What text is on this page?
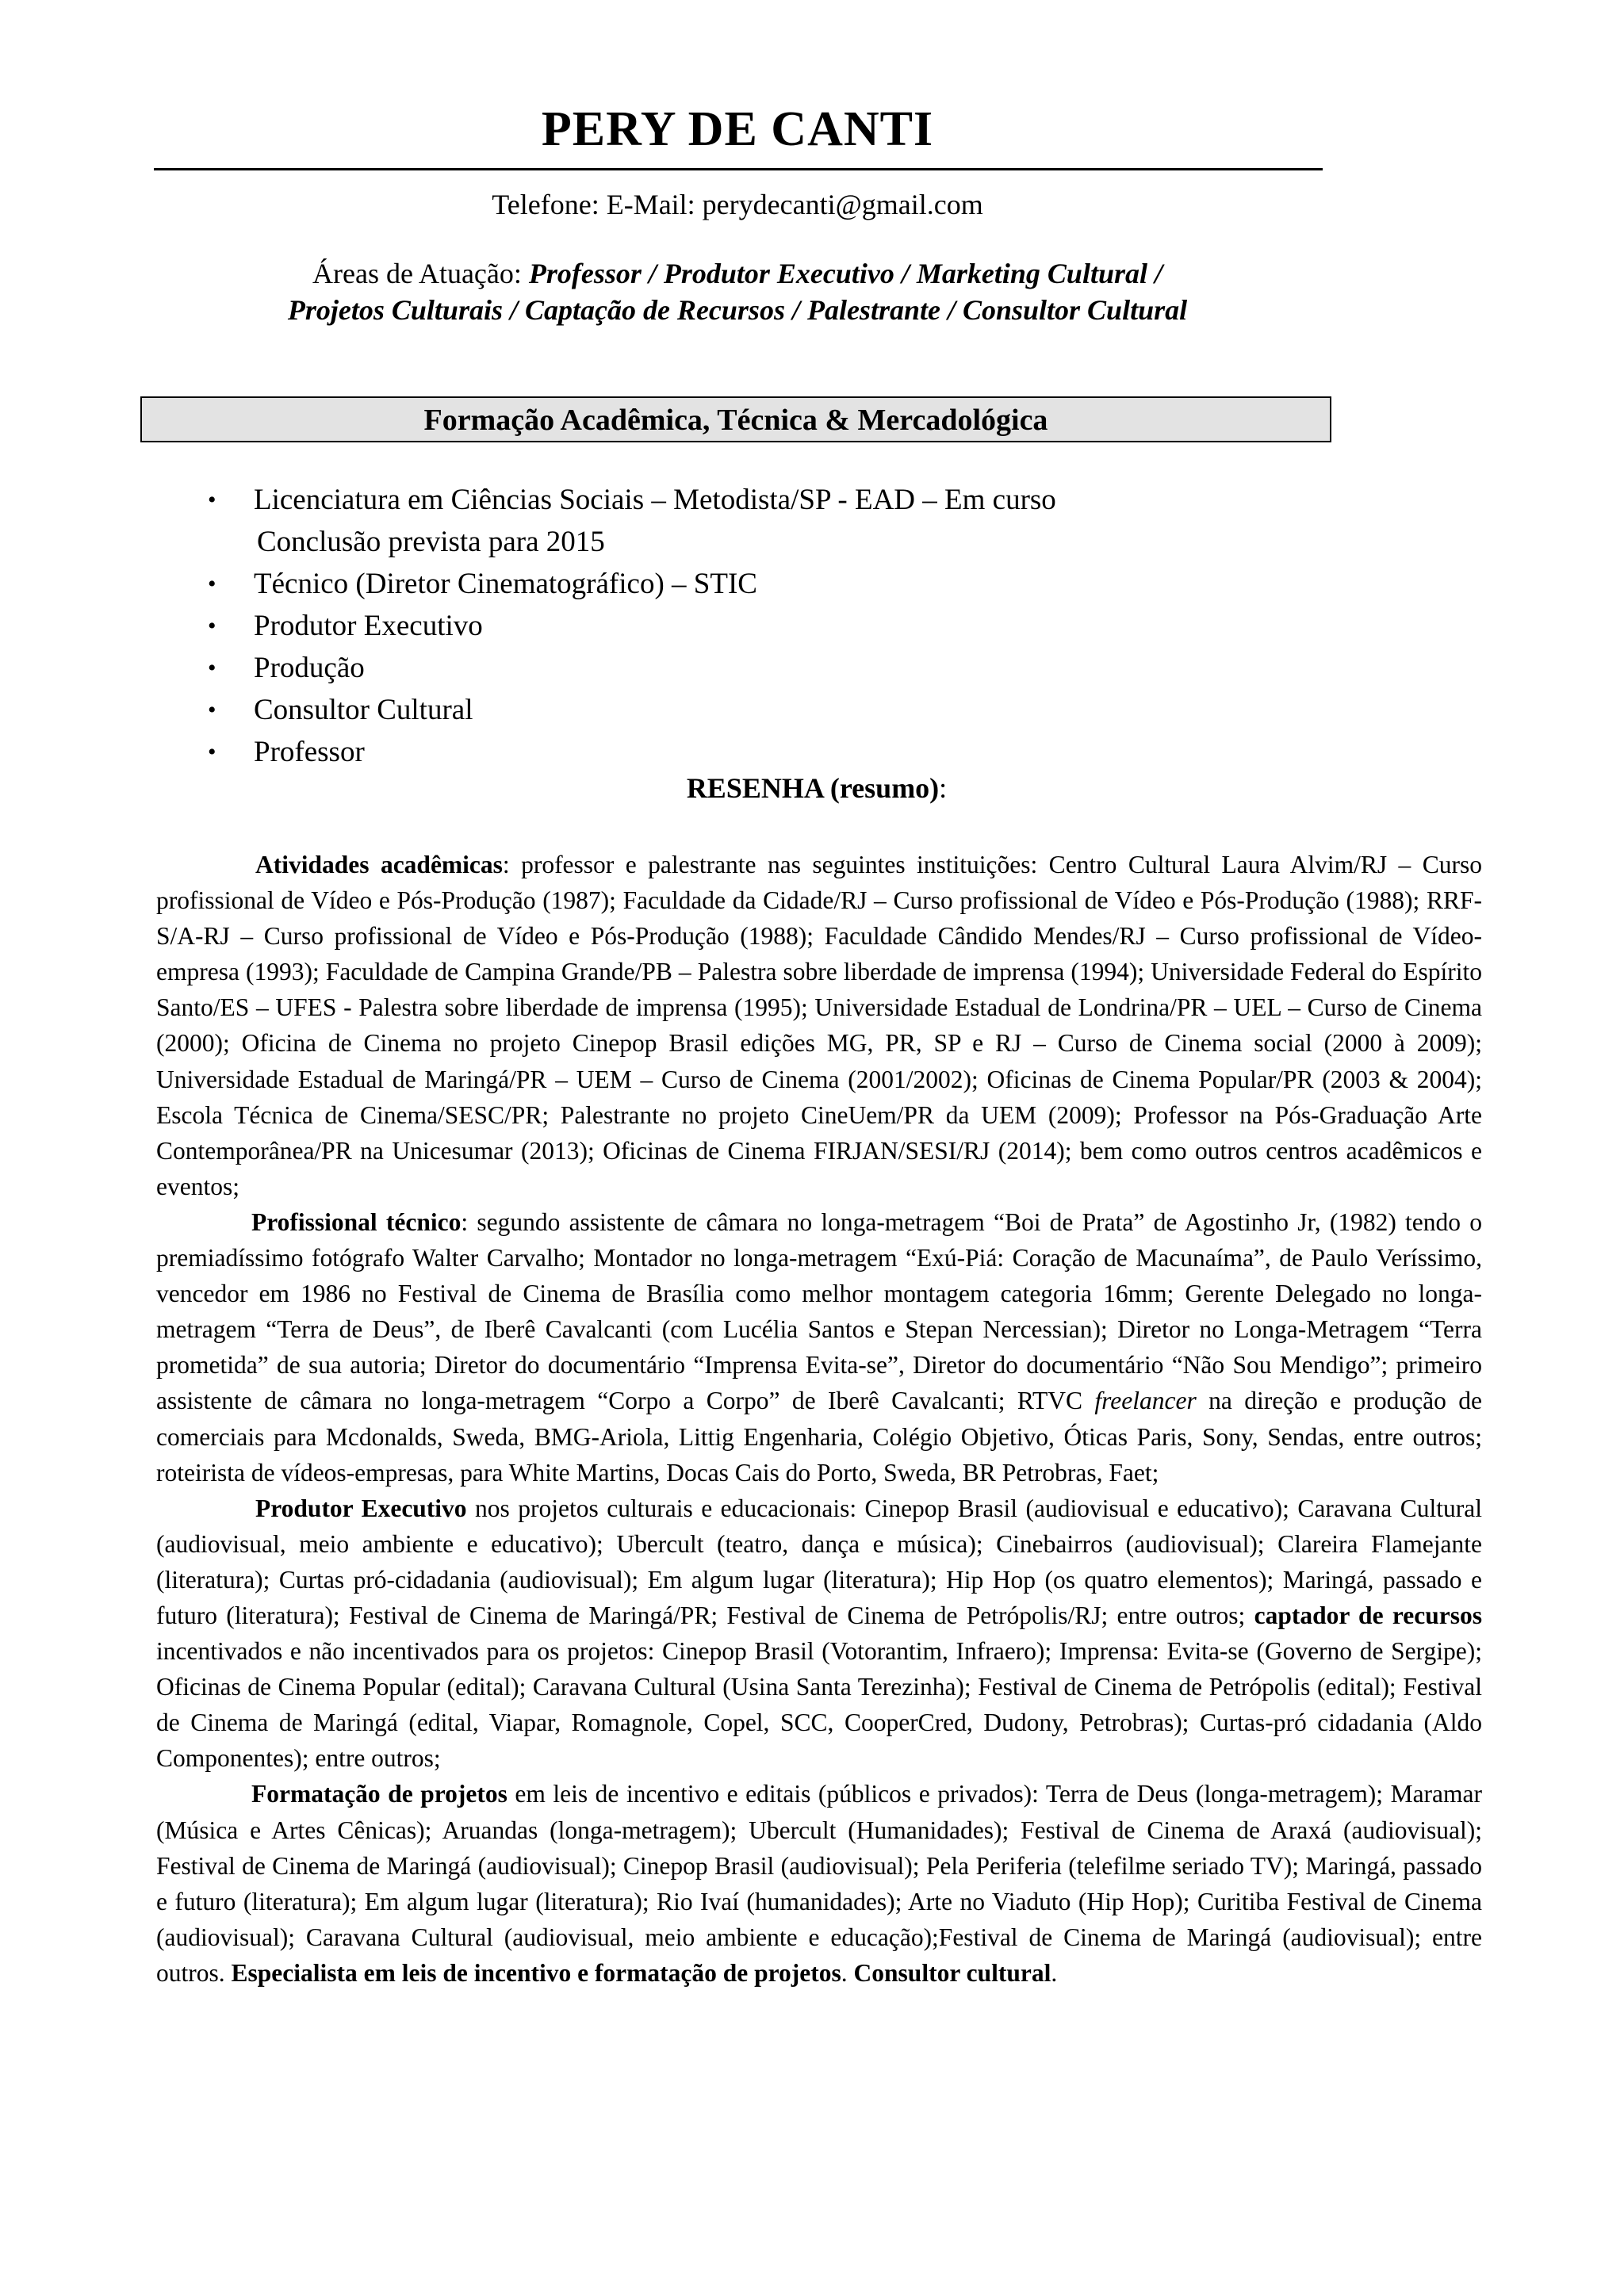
PERY DE CANTI
Telefone: E-Mail: perydecanti@gmail.com
Áreas de Atuação: Professor / Produtor Executivo / Marketing Cultural /
Projetos Culturais / Captação de Recursos / Palestrante / Consultor Cultural
Formação Acadêmica, Técnica & Mercadológica
• Licenciatura em Ciências Sociais – Metodista/SP - EAD – Em curso
Conclusão prevista para 2015
• Técnico (Diretor Cinematográfico) – STIC
• Produtor Executivo
• Produção
• Consultor Cultural
• Professor
RESENHA (resumo):

Atividades acadêmicas: professor e palestrante nas seguintes instituições: Centro Cultural Laura Alvim/RJ – Curso profissional de Vídeo e Pós-Produção (1987); Faculdade da Cidade/RJ – Curso profissional de Vídeo e Pós-Produção (1988); RRF-S/A-RJ – Curso profissional de Vídeo e Pós-Produção (1988); Faculdade Cândido Mendes/RJ – Curso profissional de Vídeo-empresa (1993); Faculdade de Campina Grande/PB – Palestra sobre liberdade de imprensa (1994); Universidade Federal do Espírito Santo/ES – UFES - Palestra sobre liberdade de imprensa (1995); Universidade Estadual de Londrina/PR – UEL – Curso de Cinema (2000); Oficina de Cinema no projeto Cinepop Brasil edições MG, PR, SP e RJ – Curso de Cinema social (2000 à 2009); Universidade Estadual de Maringá/PR – UEM – Curso de Cinema (2001/2002); Oficinas de Cinema Popular/PR (2003 & 2004); Escola Técnica de Cinema/SESC/PR; Palestrante no projeto CineUem/PR da UEM (2009); Professor na Pós-Graduação Arte Contemporânea/PR na Unicesumar (2013); Oficinas de Cinema FIRJAN/SESI/RJ (2014); bem como outros centros acadêmicos e eventos;

Profissional técnico: segundo assistente de câmara no longa-metragem “Boi de Prata” de Agostinho Jr, (1982) tendo o premiadíssimo fotógrafo Walter Carvalho; Montador no longa-metragem “Exú-Piá: Coração de Macunaíma”, de Paulo Veríssimo, vencedor em 1986 no Festival de Cinema de Brasília como melhor montagem categoria 16mm; Gerente Delegado no longa-metragem “Terra de Deus”, de Iberê Cavalcanti (com Lucélia Santos e Stepan Nercessian); Diretor no Longa-Metragem “Terra prometida” de sua autoria; Diretor do documentário “Imprensa Evita-se”, Diretor do documentário “Não Sou Mendigo”; primeiro assistente de câmara no longa-metragem “Corpo a Corpo” de Iberê Cavalcanti; RTVC freelancer na direção e produção de comerciais para Mcdonalds, Sweda, BMG-Ariola, Littig Engenharia, Colégio Objetivo, Óticas Paris, Sony, Sendas, entre outros; roteirista de vídeos-empresas, para White Martins, Docas Cais do Porto, Sweda, BR Petrobras, Faet;

Produtor Executivo nos projetos culturais e educacionais: Cinepop Brasil (audiovisual e educativo); Caravana Cultural (audiovisual, meio ambiente e educativo); Ubercult (teatro, dança e música); Cinebairros (audiovisual); Clareira Flamejante (literatura); Curtas pró-cidadania (audiovisual); Em algum lugar (literatura); Hip Hop (os quatro elementos); Maringá, passado e futuro (literatura); Festival de Cinema de Maringá/PR; Festival de Cinema de Petrópolis/RJ; entre outros; captador de recursos incentivados e não incentivados para os projetos: Cinepop Brasil (Votorantim, Infraero); Imprensa: Evita-se (Governo de Sergipe); Oficinas de Cinema Popular (edital); Caravana Cultural (Usina Santa Terezinha); Festival de Cinema de Petrópolis (edital); Festival de Cinema de Maringá (edital, Viapar, Romagnole, Copel, SCC, CooperCred, Dudony, Petrobras); Curtas-pró cidadania (Aldo Componentes); entre outros;

Formatação de projetos em leis de incentivo e editais (públicos e privados): Terra de Deus (longa-metragem); Maramar (Música e Artes Cênicas); Aruandas (longa-metragem); Ubercult (Humanidades); Festival de Cinema de Araxá (audiovisual); Festival de Cinema de Maringá (audiovisual); Cinepop Brasil (audiovisual); Pela Periferia (telefilme seriado TV); Maringá, passado e futuro (literatura); Em algum lugar (literatura); Rio Ivaí (humanidades); Arte no Viaduto (Hip Hop); Curitiba Festival de Cinema (audiovisual); Caravana Cultural (audiovisual, meio ambiente e educação);Festival de Cinema de Maringá (audiovisual); entre outros. Especialista em leis de incentivo e formatação de projetos. Consultor cultural.
